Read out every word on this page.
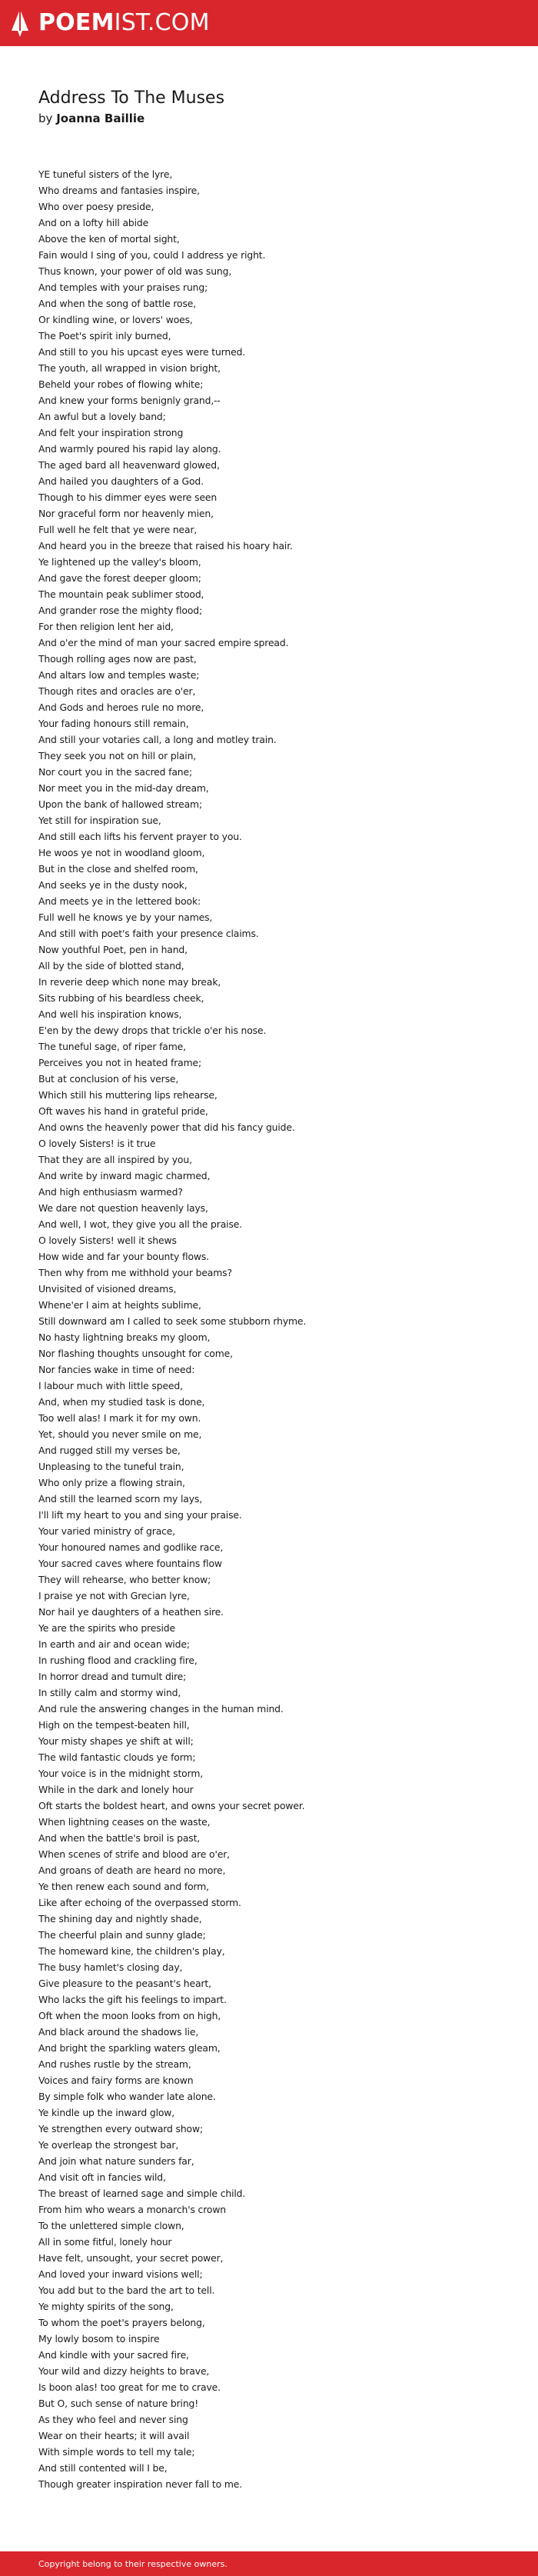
POEMIST.COM
Address To The Muses
by Joanna Baillie
YE tuneful sisters of the lyre,
Who dreams and fantasies inspire,
Who over poesy preside,
And on a lofty hill abide
Above the ken of mortal sight,
Fain would I sing of you, could I address ye right.
Thus known, your power of old was sung,
And temples with your praises rung;
And when the song of battle rose,
Or kindling wine, or lovers' woes,
The Poet's spirit inly burned,
And still to you his upcast eyes were turned.
The youth, all wrapped in vision bright,
Beheld your robes of flowing white;
And knew your forms benignly grand,--
An awful but a lovely band;
And felt your inspiration strong
And warmly poured his rapid lay along.
The aged bard all heavenward glowed,
And hailed you daughters of a God.
Though to his dimmer eyes were seen
Nor graceful form nor heavenly mien,
Full well he felt that ye were near,
And heard you in the breeze that raised his hoary hair.
Ye lightened up the valley's bloom,
And gave the forest deeper gloom;
The mountain peak sublimer stood,
And grander rose the mighty flood;
For then religion lent her aid,
And o'er the mind of man your sacred empire spread.
Though rolling ages now are past,
And altars low and temples waste;
Though rites and oracles are o'er,
And Gods and heroes rule no more,
Your fading honours still remain,
And still your votaries call, a long and motley train.
They seek you not on hill or plain,
Nor court you in the sacred fane;
Nor meet you in the mid-day dream,
Upon the bank of hallowed stream;
Yet still for inspiration sue,
And still each lifts his fervent prayer to you.
He woos ye not in woodland gloom,
But in the close and shelfed room,
And seeks ye in the dusty nook,
And meets ye in the lettered book:
Full well he knows ye by your names,
And still with poet's faith your presence claims.
Now youthful Poet, pen in hand,
All by the side of blotted stand,
In reverie deep which none may break,
Sits rubbing of his beardless cheek,
And well his inspiration knows,
E'en by the dewy drops that trickle o'er his nose.
The tuneful sage, of riper fame,
Perceives you not in heated frame;
But at conclusion of his verse,
Which still his muttering lips rehearse,
Oft waves his hand in grateful pride,
And owns the heavenly power that did his fancy guide.
O lovely Sisters! is it true
That they are all inspired by you,
And write by inward magic charmed,
And high enthusiasm warmed?
We dare not question heavenly lays,
And well, I wot, they give you all the praise.
O lovely Sisters! well it shews
How wide and far your bounty flows.
Then why from me withhold your beams?
Unvisited of visioned dreams,
Whene'er I aim at heights sublime,
Still downward am I called to seek some stubborn rhyme.
No hasty lightning breaks my gloom,
Nor flashing thoughts unsought for come,
Nor fancies wake in time of need:
I labour much with little speed,
And, when my studied task is done,
Too well alas! I mark it for my own.
Yet, should you never smile on me,
And rugged still my verses be,
Unpleasing to the tuneful train,
Who only prize a flowing strain,
And still the learned scorn my lays,
I'll lift my heart to you and sing your praise.
Your varied ministry of grace,
Your honoured names and godlike race,
Your sacred caves where fountains flow
They will rehearse, who better know;
I praise ye not with Grecian lyre,
Nor hail ye daughters of a heathen sire.
Ye are the spirits who preside
In earth and air and ocean wide;
In rushing flood and crackling fire,
In horror dread and tumult dire;
In stilly calm and stormy wind,
And rule the answering changes in the human mind.
High on the tempest-beaten hill,
Your misty shapes ye shift at will;
The wild fantastic clouds ye form;
Your voice is in the midnight storm,
While in the dark and lonely hour
Oft starts the boldest heart, and owns your secret power.
When lightning ceases on the waste,
And when the battle's broil is past,
When scenes of strife and blood are o'er,
And groans of death are heard no more,
Ye then renew each sound and form,
Like after echoing of the overpassed storm.
The shining day and nightly shade,
The cheerful plain and sunny glade;
The homeward kine, the children's play,
The busy hamlet's closing day,
Give pleasure to the peasant's heart,
Who lacks the gift his feelings to impart.
Oft when the moon looks from on high,
And black around the shadows lie,
And bright the sparkling waters gleam,
And rushes rustle by the stream,
Voices and fairy forms are known
By simple folk who wander late alone.
Ye kindle up the inward glow,
Ye strengthen every outward show;
Ye overleap the strongest bar,
And join what nature sunders far,
And visit oft in fancies wild,
The breast of learned sage and simple child.
From him who wears a monarch's crown
To the unlettered simple clown,
All in some fitful, lonely hour
Have felt, unsought, your secret power,
And loved your inward visions well;
You add but to the bard the art to tell.
Ye mighty spirits of the song,
To whom the poet's prayers belong,
My lowly bosom to inspire
And kindle with your sacred fire,
Your wild and dizzy heights to brave,
Is boon alas! too great for me to crave.
But O, such sense of nature bring!
As they who feel and never sing
Wear on their hearts; it will avail
With simple words to tell my tale;
And still contented will I be,
Though greater inspiration never fall to me.
Copyright belong to their respective owners.
